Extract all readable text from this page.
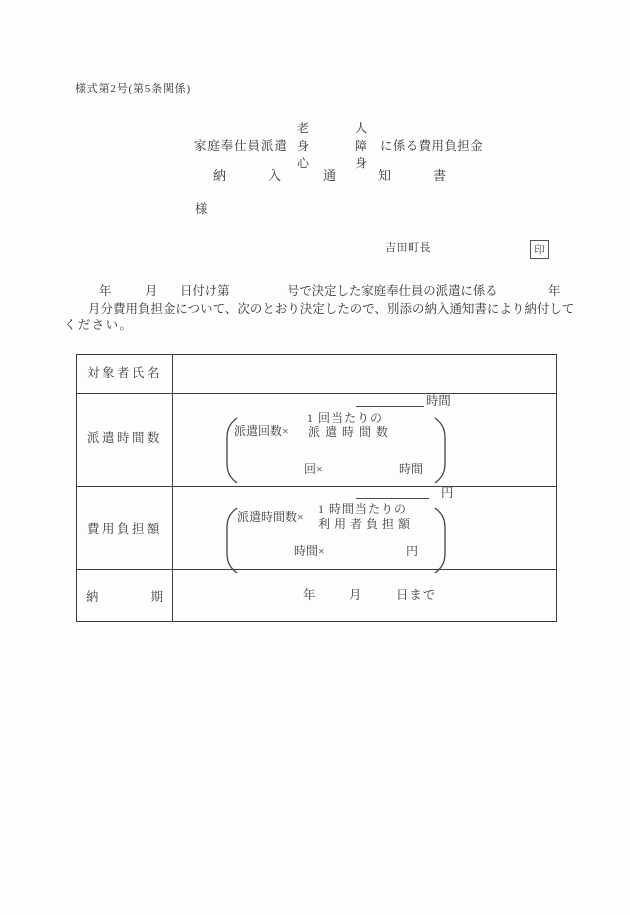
様式第2号(第5条関係)
家庭奉仕員派遣
老	人
身	障
心	身
に係る費用負担金
納入通知書
様
吉田町長	印
年	月 日付け第	号で決定した家庭奉仕員の派遣に係る	年
月分費用負担金について、次のとおり決定したので、別添の納入通知書により納付して
ください。
対象者氏名
派遣時間数
時間
派遣回数×
1 回当たりの
派 遣 時 間 数
回×	時間
費用負担額
円
派遣時間数×
1 時間当たりの
利 用 者 負 担 額
時間×	円
納	期	年	月	日まで
